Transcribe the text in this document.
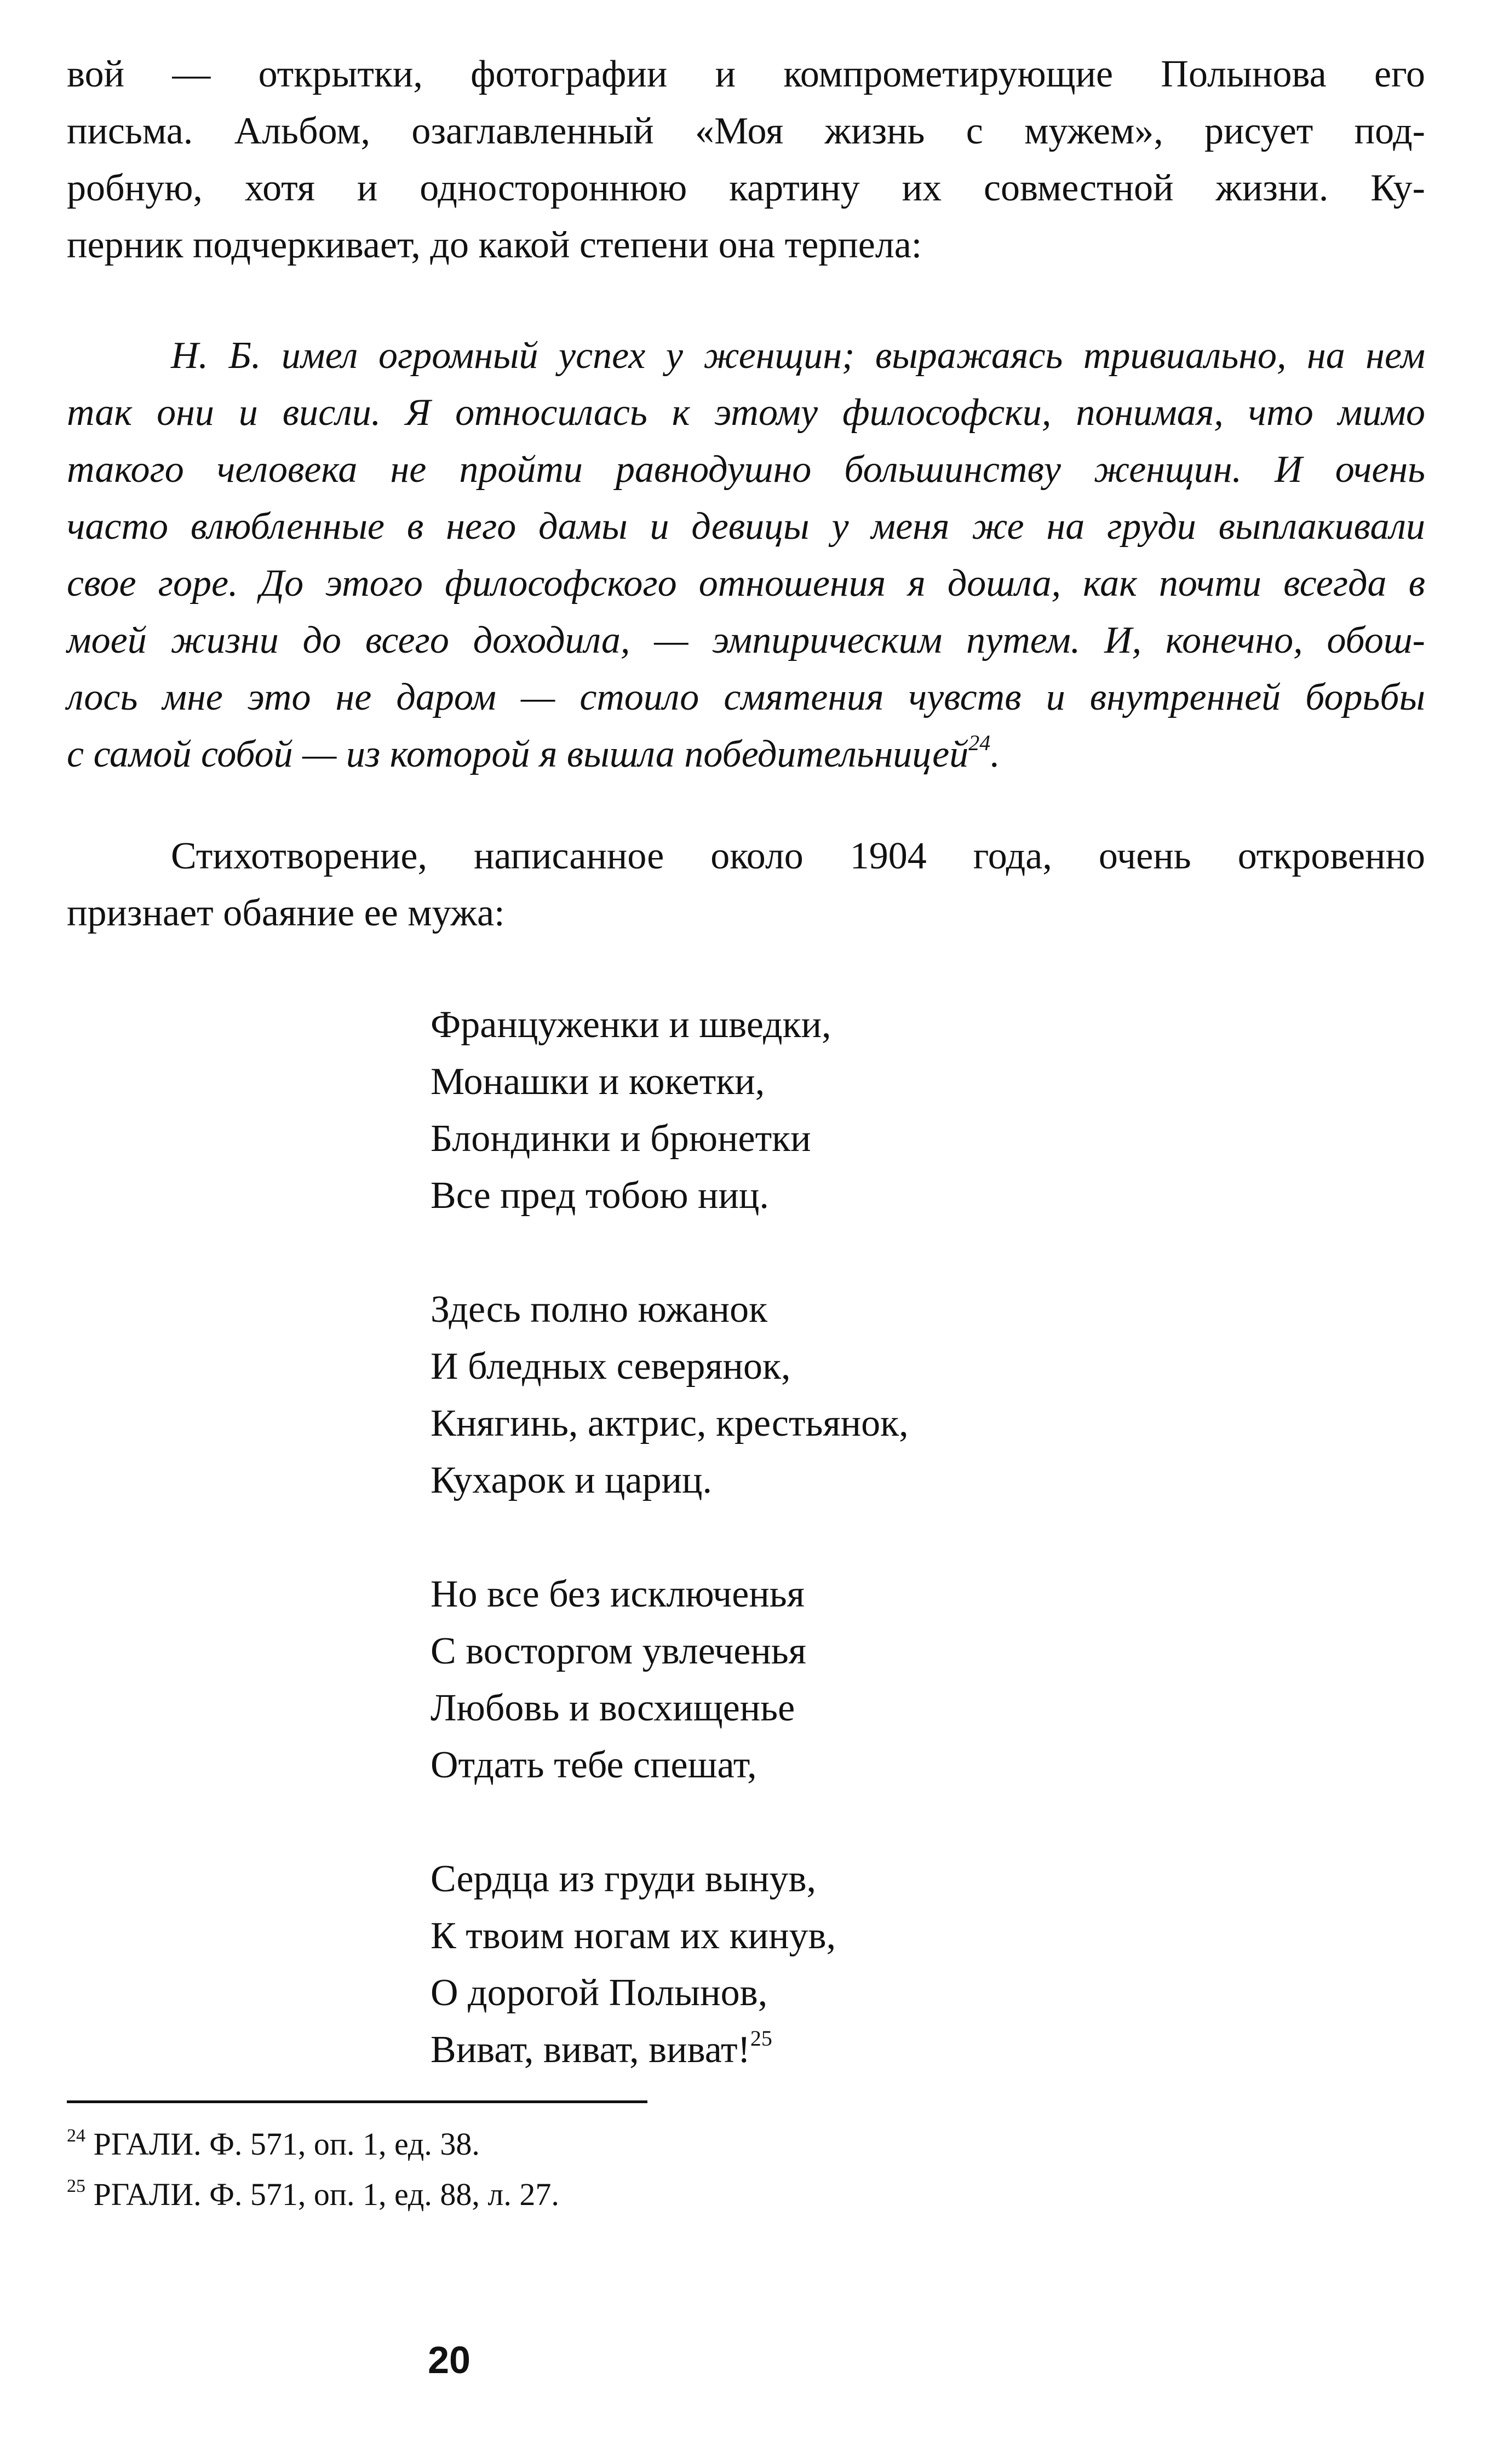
вой — открытки, фотографии и компрометирующие Полынова его
письма. Альбом, озаглавленный «Моя жизнь с мужем», рисует под-
робную, хотя и одностороннюю картину их совместной жизни. Ку-
перник подчеркивает, до какой степени она терпела:

Н. Б. имел огромный успех у женщин; выражаясь тривиально, на нем
так они и висли. Я относилась к этому философски, понимая, что мимо
такого человека не пройти равнодушно большинству женщин. И очень
часто влюбленные в него дамы и девицы у меня же на груди выплакивали
свое горе. До этого философского отношения я дошла, как почти всегда в
моей жизни до всего доходила, — эмпирическим путем. И, конечно, обош-
лось мне это не даром — стоило смятения чувств и внутренней борьбы
с самой собой — из которой я вышла победительницей$^{24}$.

Стихотворение, написанное около 1904 года, очень откровенно
признает обаяние ее мужа:

Француженки и шведки,
Монашки и кокетки,
Блондинки и брюнетки
Все пред тобою ниц.
Здесь полно южанок
И бледных северянок,
Княгинь, актрис, крестьянок,
Кухарок и цариц.
Но все без исключенья
С восторгом увлеченья
Любовь и восхищенье
Отдать тебе спешат,
Сердца из груди вынув,
К твоим ногам их кинув,
О дорогой Полынов,
Виват, виват, виват!$^{25}$
$^{24}$ РГАЛИ. Ф. 571, оп. 1, ед. 38.
$^{25}$ РГАЛИ. Ф. 571, оп. 1, ед. 88, л. 27.
20
